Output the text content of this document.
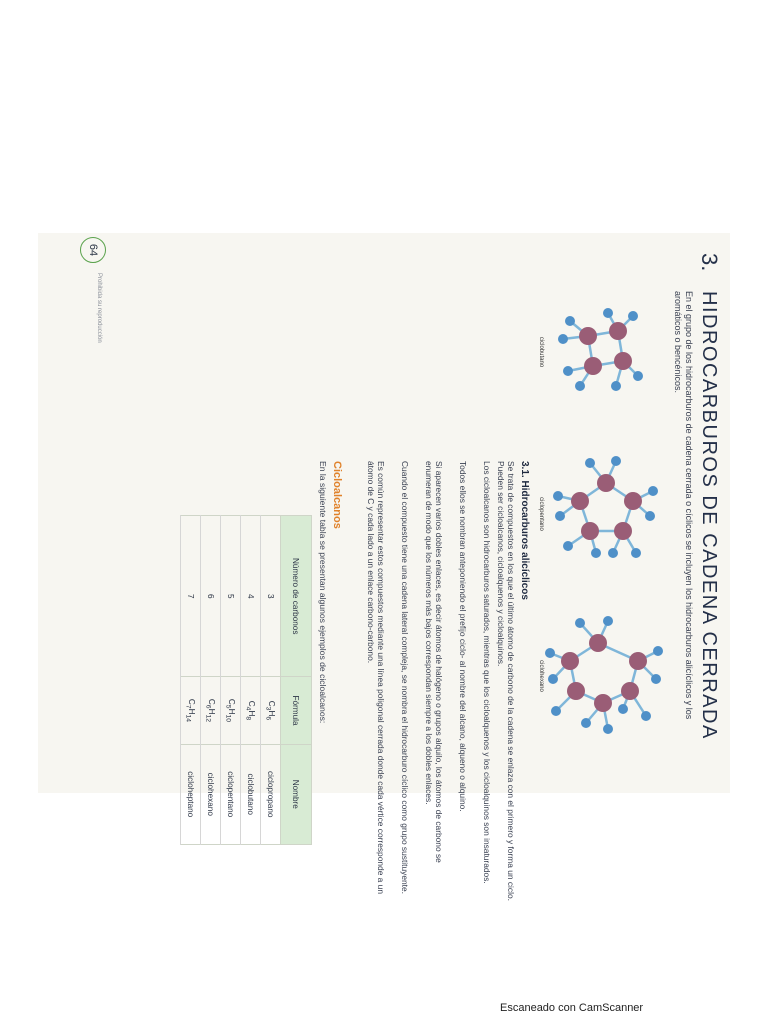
3.
HIDROCARBUROS DE CADENA CERRADA
En el grupo de los hidrocarburos de cadena cerrada o cíclicos se incluyen los hidrocarburos alicíclicos y los aromáticos o bencénicos.
ciclobutano
ciclopentano
ciclohexano
3.1. Hidrocarburos alicíclicos
Se trata de compuestos en los que el último átomo de carbono de la cadena se enlaza con el primero y forma un ciclo. Pueden ser cicloalcanos, cicloalquenos y cicloalquinos.
Los cicloalcanos son hidrocarburos saturados, mientras que los cicloalquenos y los cicloalquinos son insaturados.
Todos ellos se nombran anteponiendo el prefijo ciclo- al nombre del alcano, alqueno o alquino.
Si aparecen varios dobles enlaces, es decir átomos de halógeno o grupos alquilo, los átomos de carbono se enumeran de modo que los números más bajos correspondan siempre a los dobles enlaces.
Cuando el compuesto tiene una cadena lateral compleja, se nombra el hidrocarburo cíclico como grupo sustituyente.
Es común representar estos compuestos mediante una línea poligonal cerrada donde cada vértice corresponde a un átomo de C y cada lado a un enlace carbono-carbono.
Cicloalcanos
En la siguiente tabla se presentan algunos ejemplos de cicloalcanos:
Número de carbonos	Fórmula	Nombre
3	$C_3H_6$	ciclopropano
4	$C_4H_8$	ciclobutano
5	$C_5H_{10}$	ciclopentano
6	$C_6H_{12}$	ciclohexano
7	$C_7H_{14}$	cicloheptano
64
Prohibida su reproducción
Escaneado con CamScanner
